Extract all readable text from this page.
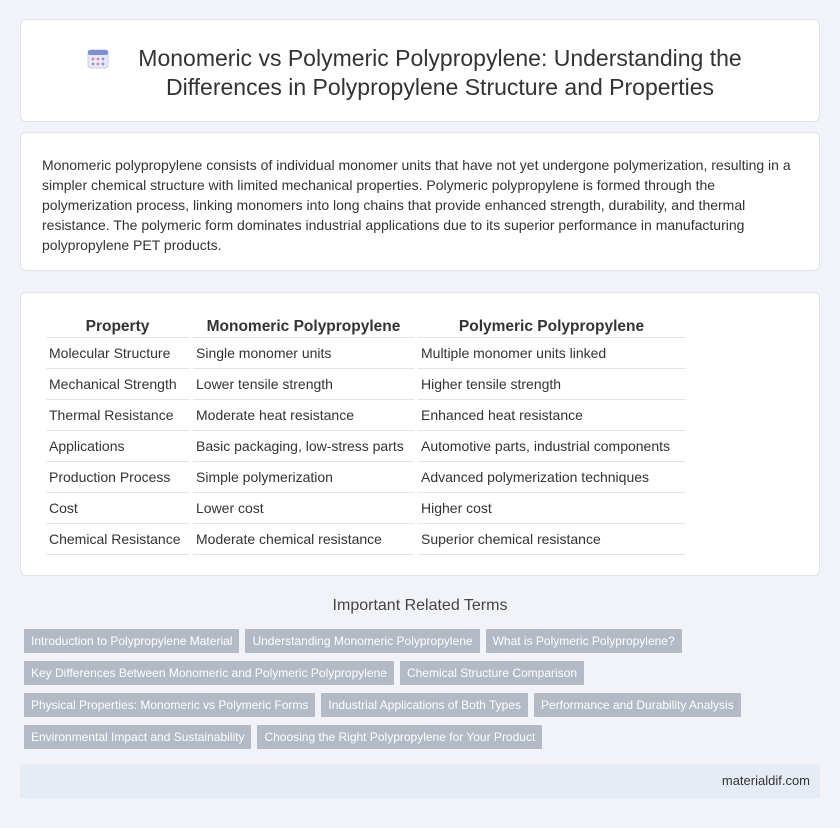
Monomeric vs Polymeric Polypropylene: Understanding the Differences in Polypropylene Structure and Properties

Monomeric polypropylene consists of individual monomer units that have not yet undergone polymerization, resulting in a simpler chemical structure with limited mechanical properties. Polymeric polypropylene is formed through the polymerization process, linking monomers into long chains that provide enhanced strength, durability, and thermal resistance. The polymeric form dominates industrial applications due to its superior performance in manufacturing polypropylene PET products.

Property	Monomeric Polypropylene	Polymeric Polypropylene
Molecular Structure	Single monomer units	Multiple monomer units linked
Mechanical Strength	Lower tensile strength	Higher tensile strength
Thermal Resistance	Moderate heat resistance	Enhanced heat resistance
Applications	Basic packaging, low-stress parts	Automotive parts, industrial components
Production Process	Simple polymerization	Advanced polymerization techniques
Cost	Lower cost	Higher cost
Chemical Resistance	Moderate chemical resistance	Superior chemical resistance
Important Related Terms
Introduction to Polypropylene Material Understanding Monomeric Polypropylene What is Polymeric Polypropylene?
Key Differences Between Monomeric and Polymeric Polypropylene Chemical Structure Comparison
Physical Properties: Monomeric vs Polymeric Forms Industrial Applications of Both Types Performance and Durability Analysis
Environmental Impact and Sustainability Choosing the Right Polypropylene for Your Product
materialdif.com
